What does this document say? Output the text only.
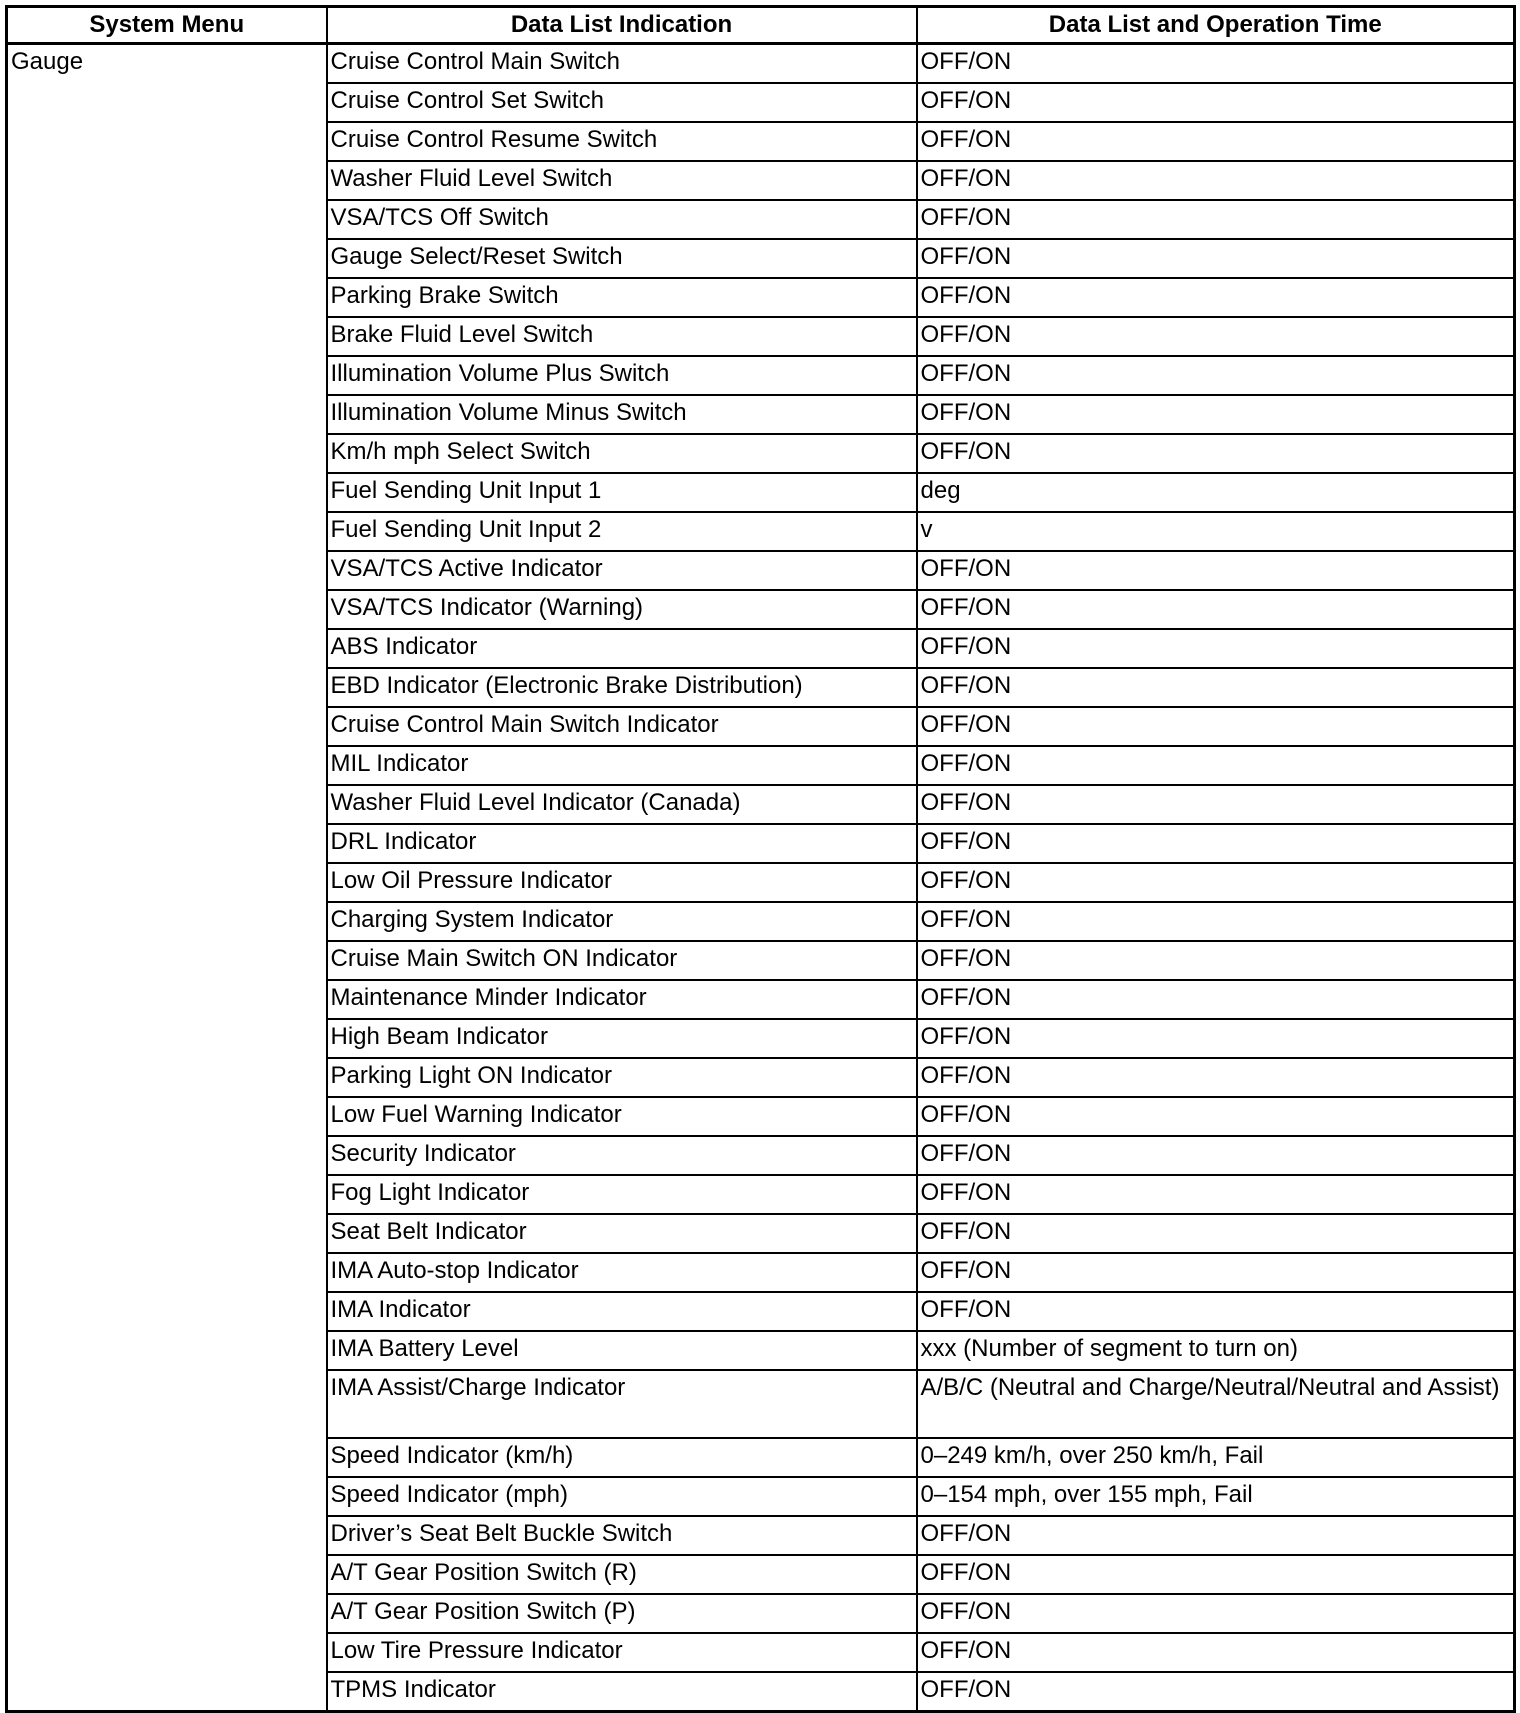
System Menu	Data List Indication	Data List and Operation Time
Gauge	Cruise Control Main Switch	OFF/ON
	Cruise Control Set Switch	OFF/ON
	Cruise Control Resume Switch	OFF/ON
	Washer Fluid Level Switch	OFF/ON
	VSA/TCS Off Switch	OFF/ON
	Gauge Select/Reset Switch	OFF/ON
	Parking Brake Switch	OFF/ON
	Brake Fluid Level Switch	OFF/ON
	Illumination Volume Plus Switch	OFF/ON
	Illumination Volume Minus Switch	OFF/ON
	Km/h mph Select Switch	OFF/ON
	Fuel Sending Unit Input 1	deg
	Fuel Sending Unit Input 2	v
	VSA/TCS Active Indicator	OFF/ON
	VSA/TCS Indicator (Warning)	OFF/ON
	ABS Indicator	OFF/ON
	EBD Indicator (Electronic Brake Distribution)	OFF/ON
	Cruise Control Main Switch Indicator	OFF/ON
	MIL Indicator	OFF/ON
	Washer Fluid Level Indicator (Canada)	OFF/ON
	DRL Indicator	OFF/ON
	Low Oil Pressure Indicator	OFF/ON
	Charging System Indicator	OFF/ON
	Cruise Main Switch ON Indicator	OFF/ON
	Maintenance Minder Indicator	OFF/ON
	High Beam Indicator	OFF/ON
	Parking Light ON Indicator	OFF/ON
	Low Fuel Warning Indicator	OFF/ON
	Security Indicator	OFF/ON
	Fog Light Indicator	OFF/ON
	Seat Belt Indicator	OFF/ON
	IMA Auto-stop Indicator	OFF/ON
	IMA Indicator	OFF/ON
	IMA Battery Level	xxx (Number of segment to turn on)
	IMA Assist/Charge Indicator	A/B/C (Neutral and Charge/Neutral/Neutral and Assist)
	Speed Indicator (km/h)	0–249 km/h, over 250 km/h, Fail
	Speed Indicator (mph)	0–154 mph, over 155 mph, Fail
	Driver’s Seat Belt Buckle Switch	OFF/ON
	A/T Gear Position Switch (R)	OFF/ON
	A/T Gear Position Switch (P)	OFF/ON
	Low Tire Pressure Indicator	OFF/ON
	TPMS Indicator	OFF/ON
